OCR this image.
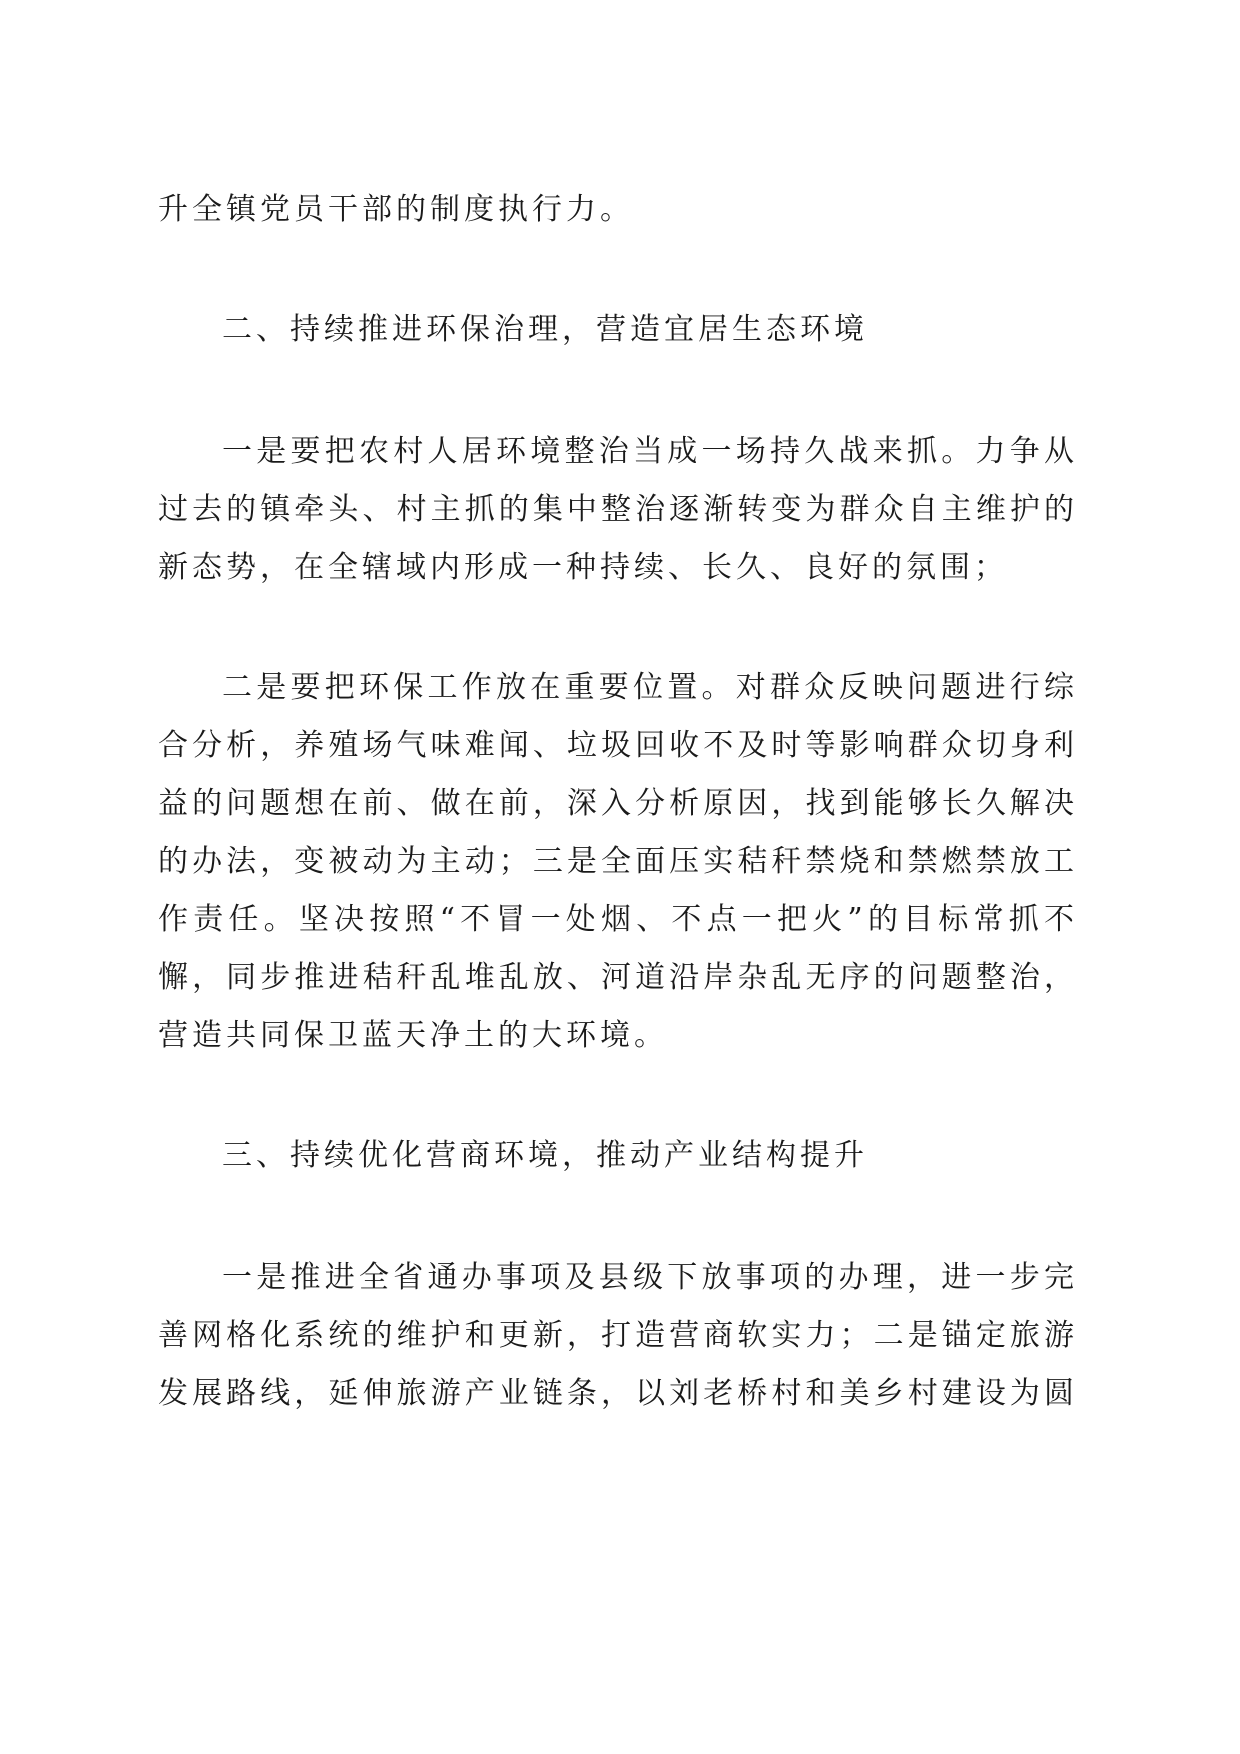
升全镇党员干部的制度执行力。
二、持续推进环保治理，营造宜居生态环境
一是要把农村人居环境整治当成一场持久战来抓。力争从
过去的镇牵头、村主抓的集中整治逐渐转变为群众自主维护的
新态势，在全辖域内形成一种持续、长久、良好的氛围；
二是要把环保工作放在重要位置。对群众反映问题进行综
合分析，养殖场气味难闻、垃圾回收不及时等影响群众切身利
益的问题想在前、做在前，深入分析原因，找到能够长久解决
的办法，变被动为主动；三是全面压实秸秆禁烧和禁燃禁放工
作责任。坚决按照“不冒一处烟、不点一把火”的目标常抓不
懈，同步推进秸秆乱堆乱放、河道沿岸杂乱无序的问题整治，
营造共同保卫蓝天净土的大环境。
三、持续优化营商环境，推动产业结构提升
一是推进全省通办事项及县级下放事项的办理，进一步完
善网格化系统的维护和更新，打造营商软实力；二是锚定旅游
发展路线，延伸旅游产业链条，以刘老桥村和美乡村建设为圆
